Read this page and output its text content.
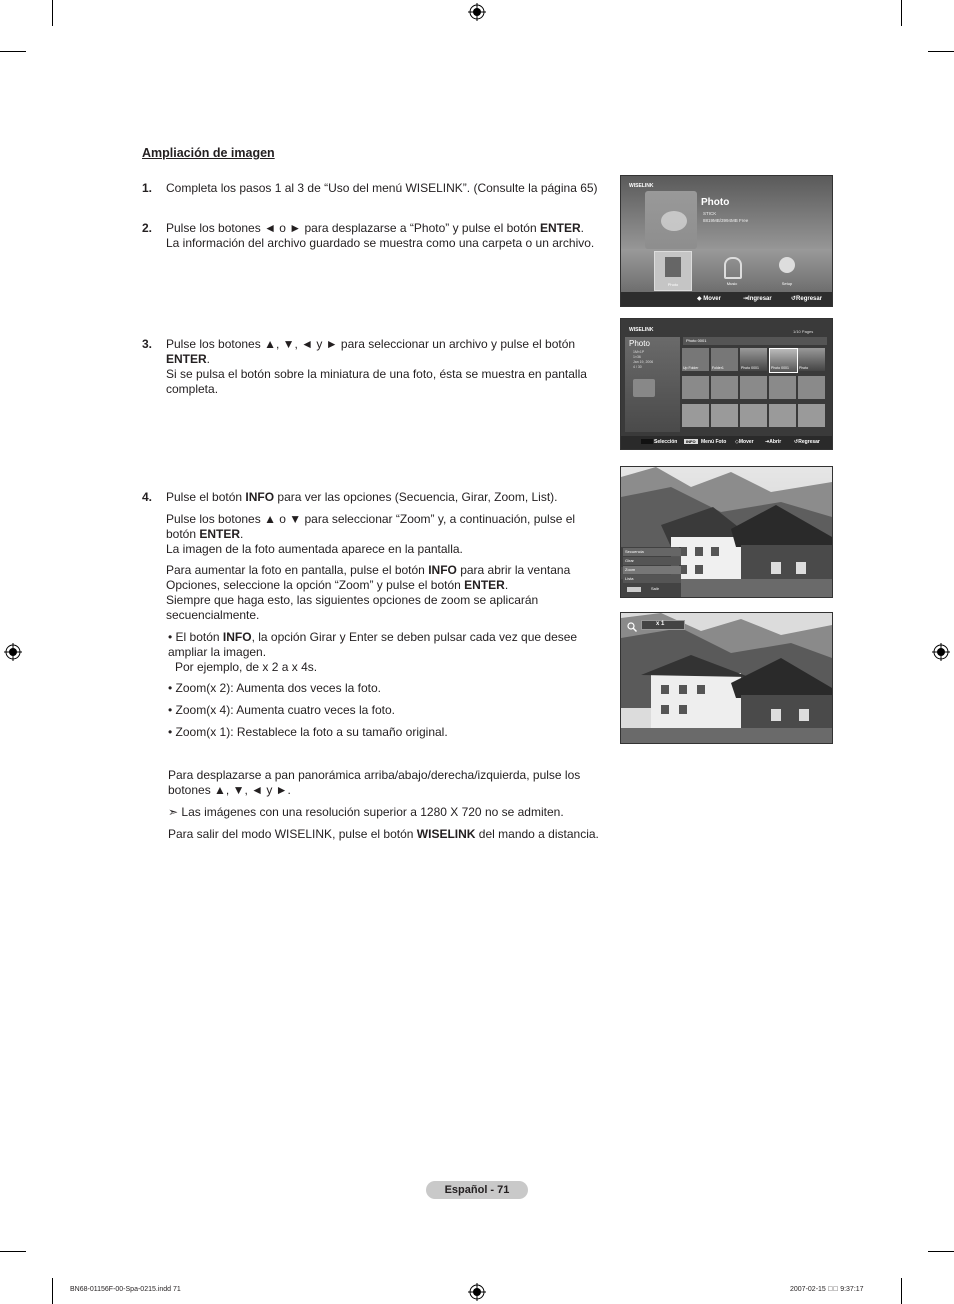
Ampliación de imagen
1. Completa los pasos 1 al 3 de “Uso del menú WISELINK”. (Consulte la página 65)
2. Pulse los botones ◄ o ► para desplazarse a “Photo” y pulse el botón ENTER.
La información del archivo guardado se muestra como una carpeta o un archivo.
3. Pulse los botones ▲, ▼, ◄ y ► para seleccionar un archivo y pulse el botón ENTER.
Si se pulsa el botón sobre la miniatura de una foto, ésta se muestra en pantalla completa.
4. Pulse el botón INFO para ver las opciones (Secuencia, Girar, Zoom, List).
Pulse los botones ▲ o ▼ para seleccionar “Zoom” y, a continuación, pulse el botón ENTER.
La imagen de la foto aumentada aparece en la pantalla.
Para aumentar la foto en pantalla, pulse el botón INFO para abrir la ventana Opciones, seleccione la opción “Zoom” y pulse el botón ENTER.
Siempre que haga esto, las siguientes opciones de zoom se aplicarán secuencialmente.
• El botón INFO, la opción Girar y Enter se deben pulsar cada vez que desee ampliar la imagen.
Por ejemplo, de x 2 a x 4s.
• Zoom(x 2): Aumenta dos veces la foto.
• Zoom(x 4): Aumenta cuatro veces la foto.
• Zoom(x 1): Restablece la foto a su tamaño original.
Para desplazarse a pan panorámica arriba/abajo/derecha/izquierda, pulse los botones ▲, ▼, ◄ y ►.
➣ Las imágenes con una resolución superior a 1280 X 720 no se admiten.
Para salir del modo WISELINK, pulse el botón WISELINK del mando a distancia.
WISELINK
Photo
STICK
8819MB/3994MB Free
Photo	Music	Setup
◆ Mover	⇥Ingresar	↺Regresar
WISELINK	1/10 Pages
Photo
1M×1P
1×36
Jan 19, 2006
4 / 30
Photo 0001
Up Folder	Folder1	Photo 0001	Photo 0001	Photo
Selección	INFO	Menú Foto ◇Mover ⇥Abrir	↺Regresar
Secuencia
Girar
Zoom
Lista
Salir
x 1
Español - 71
BN68-01156F-00-Spa-0215.indd 71	2007-02-15 ￿￿ 9:37:17
